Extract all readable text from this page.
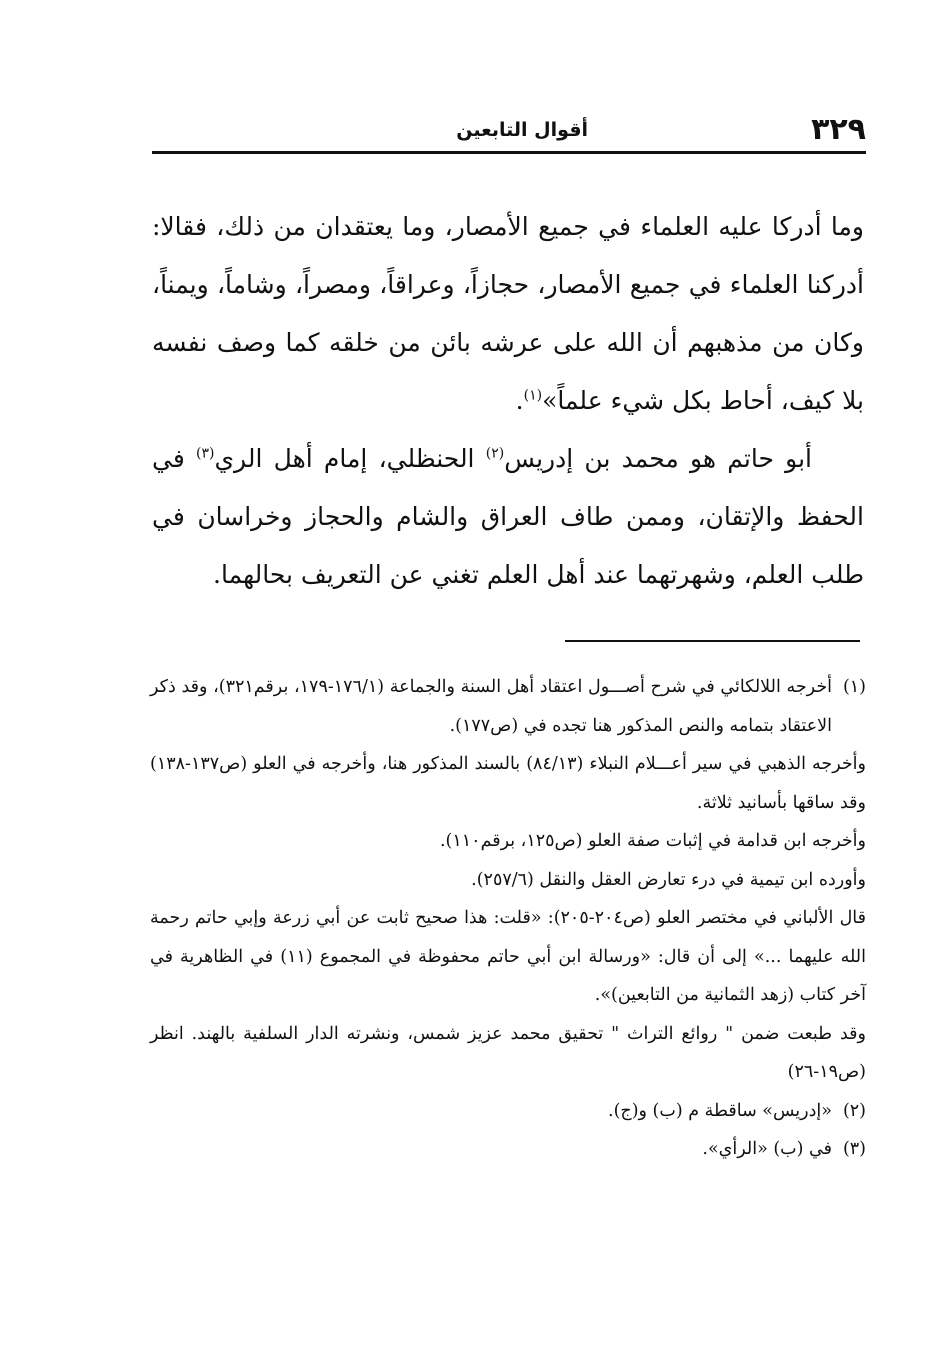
٣٢٩
أقوال التابعين

وما أدركا عليه العلماء في جميع الأمصار، وما يعتقدان من ذلك، فقالا: أدركنا العلماء في جميع الأمصار، حجازاً، وعراقاً، ومصراً، وشاماً، ويمناً، وكان من مذهبهم أن الله على عرشه بائن من خلقه كما وصف نفسه بلا كيف، أحاط بكل شيء علماً»$^{(١)}$.

أبو حاتم هو محمد بن إدريس$^{(٢)}$ الحنظلي، إمام أهل الري$^{(٣)}$ في الحفظ والإتقان، وممن طاف العراق والشام والحجاز وخراسان في طلب العلم، وشهرتهما عند أهل العلم تغني عن التعريف بحالهما.

(١)أخرجه اللالكائي في شرح أصـــول اعتقاد أهل السنة والجماعة (١٧٦/١-١٧٩، برقم٣٢١)، وقد ذكر الاعتقاد بتمامه والنص المذكور هنا تجده في (ص١٧٧).

وأخرجه الذهبي في سير أعـــلام النبلاء (٨٤/١٣) بالسند المذكور هنا، وأخرجه في العلو (ص١٣٧-١٣٨) وقد ساقها بأسانيد ثلاثة.

وأخرجه ابن قدامة في إثبات صفة العلو (ص١٢٥، برقم١١٠).

وأورده ابن تيمية في درء تعارض العقل والنقل (٢٥٧/٦).

قال الألباني في مختصر العلو (ص٢٠٤-٢٠٥): «قلت: هذا صحيح ثابت عن أبي زرعة وإبي حاتم رحمة الله عليهما ...» إلى أن قال: «ورسالة ابن أبي حاتم محفوظة في المجموع (١١) في الظاهرية في آخر كتاب (زهد الثمانية من التابعين)».

وقد طبعت ضمن " روائع التراث " تحقيق محمد عزيز شمس، ونشرته الدار السلفية بالهند. انظر (ص١٩-٢٦)

(٢)«إدريس» ساقطة م (ب) و(ج).

(٣)في (ب) «الرأي».
